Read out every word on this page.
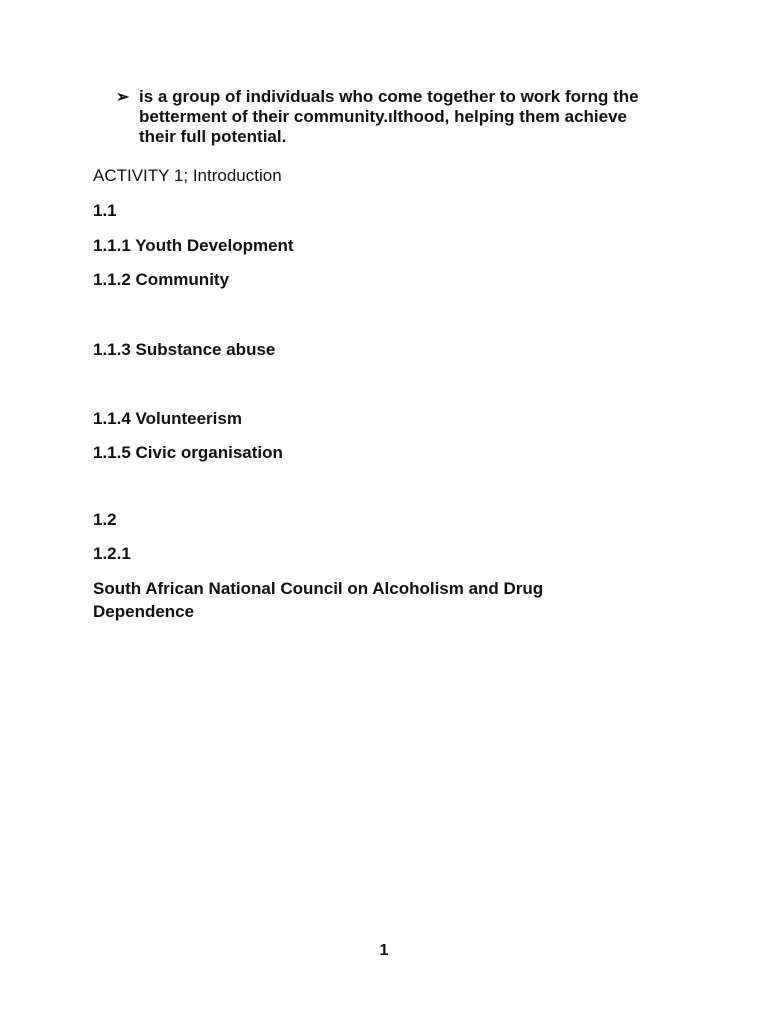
➢ is a group of individuals who come together to work forng the betterment of their community.ılthood, helping them achieve their full potential.
ACTIVITY 1; Introduction
1.1
1.1.1 Youth Development
1.1.2 Community
1.1.3 Substance abuse
1.1.4 Volunteerism
1.1.5 Civic organisation
1.2
1.2.1
South African National Council on Alcoholism and Drug Dependence
1
